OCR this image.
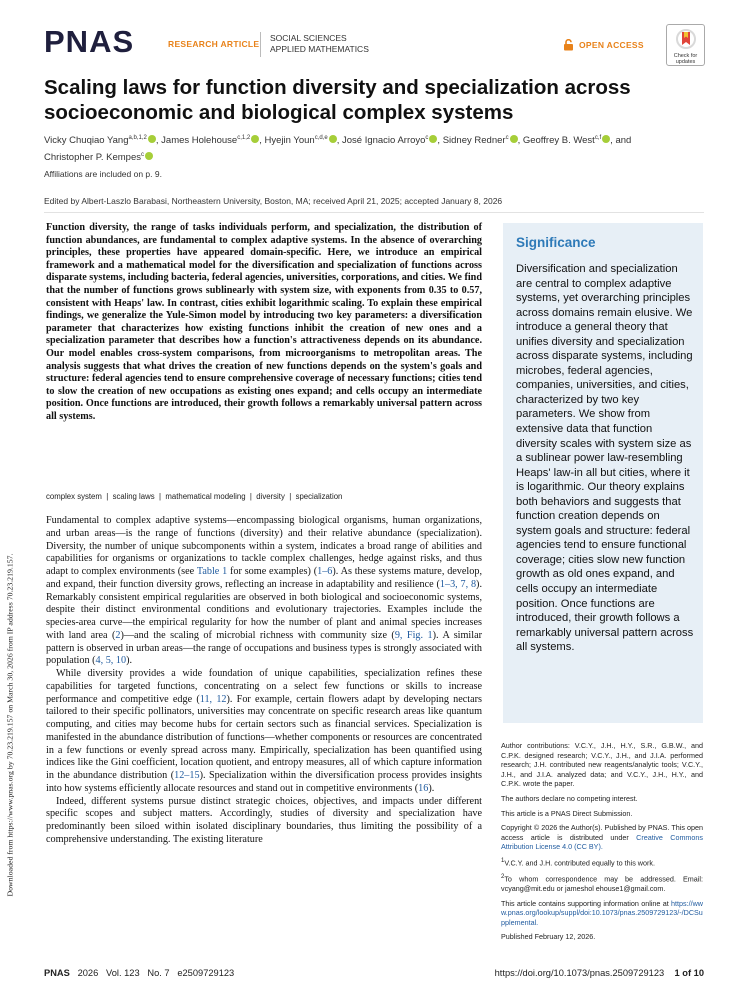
PNAS	RESEARCH ARTICLE
SOCIAL SCIENCES
APPLIED MATHEMATICS	OPEN ACCESS
Check for updates
Scaling laws for function diversity and specialization across socioeconomic and biological complex systems
Vicky Chuqiao Yang$^{a,b,1,2}$ , James Holehouse$^{c,1,2}$ , Hyejin Youn$^{c,d,e}$ , José Ignacio Arroyo$^c$ , Sidney Redner$^c$ , Geoffrey B. West$^{c,f}$ , and Christopher P. Kempes$^c$
Affiliations are included on p. 9.
Edited by Albert-Laszlo Barabasi, Northeastern University, Boston, MA; received April 21, 2025; accepted January 8, 2026
Function diversity, the range of tasks individuals perform, and specialization, the distribution of function abundances, are fundamental to complex adaptive systems. In the absence of overarching principles, these properties have appeared domain-specific. Here, we introduce an empirical framework and a mathematical model for the diversification and specialization of functions across disparate systems, including bacteria, federal agencies, universities, corporations, and cities. We find that the number of functions grows sublinearly with system size, with exponents from 0.35 to 0.57, consistent with Heaps' law. In contrast, cities exhibit logarithmic scaling. To explain these empirical findings, we generalize the Yule-Simon model by introducing two key parameters: a diversification parameter that characterizes how existing functions inhibit the creation of new ones and a specialization parameter that describes how a function's attractiveness depends on its abundance. Our model enables cross-system comparisons, from microorganisms to metropolitan areas. The analysis suggests that what drives the creation of new functions depends on the system's goals and structure: federal agencies tend to ensure comprehensive coverage of necessary functions; cities tend to slow the creation of new occupations as existing ones expand; and cells occupy an intermediate position. Once functions are introduced, their growth follows a remarkably universal pattern across all systems.
complex system  |  scaling laws  |  mathematical modeling  |  diversity  |  specialization

Fundamental to complex adaptive systems—encompassing biological organisms, human organizations, and urban areas—is the range of functions (diversity) and their relative abundance (specialization). Diversity, the number of unique subcomponents within a system, indicates a broad range of abilities and capabilities for organisms or organizations to tackle complex challenges, hedge against risks, and thus adapt to complex environments (see Table 1 for some examples) (1–6). As these systems mature, develop, and expand, their function diversity grows, reflecting an increase in adaptability and resilience (1–3, 7, 8). Remarkably consistent empirical regularities are observed in both biological and socioeconomic systems, despite their distinct environmental conditions and evolutionary trajectories. Examples include the species-area curve—the empirical regularity for how the number of plant and animal species increases with land area (2)—and the scaling of microbial richness with community size (9, Fig. 1). A similar pattern is observed in urban areas—the range of occupations and business types is strongly associated with population (4, 5, 10).

While diversity provides a wide foundation of unique capabilities, specialization refines these capabilities for targeted functions, concentrating on a select few functions or skills to increase performance and competitive edge (11, 12). For example, certain flowers adapt by developing nectars tailored to their specific pollinators, universities may concentrate on specific research areas like quantum computing, and cities may become hubs for certain sectors such as financial services. Specialization is manifested in the abundance distribution of functions—whether components or resources are concentrated in a few functions or evenly spread across many. Empirically, specialization has been quantified using indices like the Gini coefficient, location quotient, and entropy measures, all of which capture information in the abundance distribution (12–15). Specialization within the diversification process provides insights into how systems efficiently allocate resources and stand out in competitive environments (16).

Indeed, different systems pursue distinct strategic choices, objectives, and impacts under different specific scopes and subject matters. Accordingly, studies of diversity and specialization have predominantly been siloed within isolated disciplinary boundaries, thus limiting the possibility of a comprehensive understanding. The existing literature

Significance
Diversification and specialization are central to complex adaptive systems, yet overarching principles across domains remain elusive. We introduce a general theory that unifies diversity and specialization across disparate systems, including microbes, federal agencies, companies, universities, and cities, characterized by two key parameters. We show from extensive data that function diversity scales with system size as a sublinear power law-resembling Heaps' law-in all but cities, where it is logarithmic. Our theory explains both behaviors and suggests that function creation depends on system goals and structure: federal agencies tend to ensure functional coverage; cities slow new function growth as old ones expand, and cells occupy an intermediate position. Once functions are introduced, their growth follows a remarkably universal pattern across all systems.

Author contributions: V.C.Y., J.H., H.Y., S.R., G.B.W., and C.P.K. designed research; V.C.Y., J.H., and J.I.A. performed research; J.H. contributed new reagents/analytic tools; V.C.Y., J.H., and J.I.A. analyzed data; and V.C.Y., J.H., H.Y., and C.P.K. wrote the paper.

The authors declare no competing interest.

This article is a PNAS Direct Submission.

Copyright © 2026 the Author(s). Published by PNAS. This open access article is distributed under Creative Commons Attribution License 4.0 (CC BY).

$^1$V.C.Y. and J.H. contributed equally to this work.

$^2$To whom correspondence may be addressed. Email: vcyang@mit.edu or jameshol ehouse1@gmail.com.

This article contains supporting information online at https://www.pnas.org/lookup/suppl/doi:10.1073/pnas.2509729123/-/DCSupplemental.

Published February 12, 2026.

Downloaded from https://www.pnas.org by 70.23.219.157 on March 30, 2026 from IP address 70.23.219.157.
PNAS 2026   Vol. 123   No. 7   e2509729123	https://doi.org/10.1073/pnas.2509729123 1 of 10
